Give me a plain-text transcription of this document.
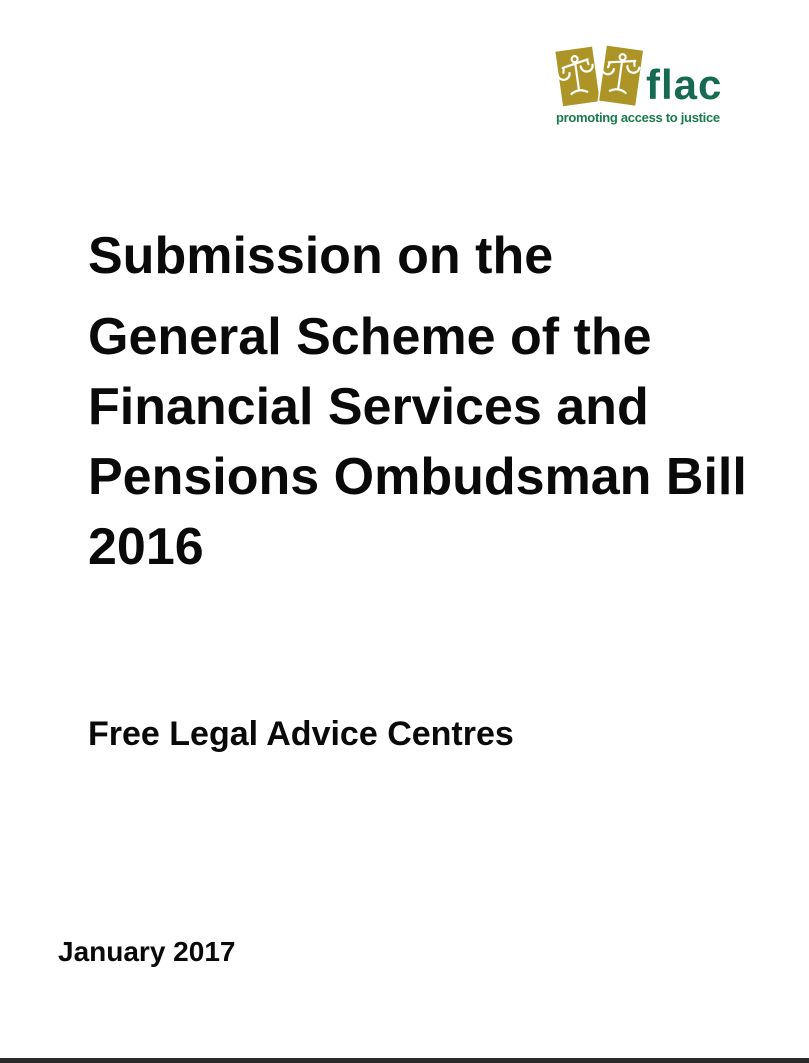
flac
promoting access to justice
Submission on the
General Scheme of the
Financial Services and
Pensions Ombudsman Bill
2016
Free Legal Advice Centres
January 2017
